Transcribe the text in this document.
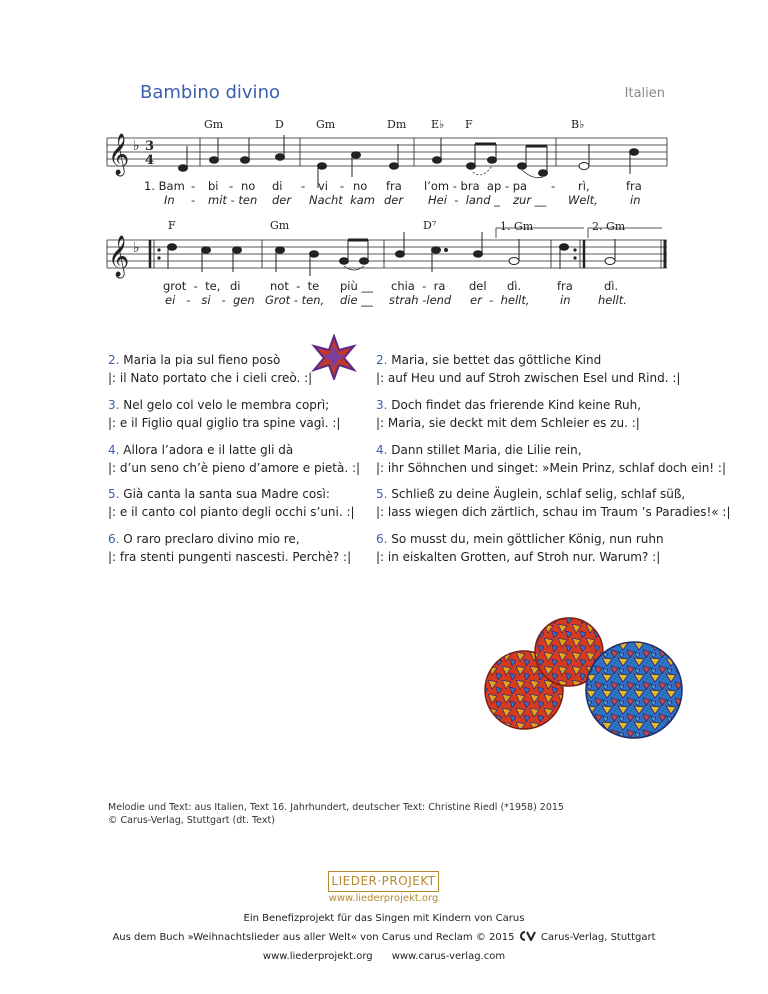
Bambino divino	Italien
𝄞 ♭ 3
4
𝄞 ♭
Gm	D	Gm	Dm E♭ F	B♭
1. Bam - bi - no di - vi - no fra l’om - bra  ap - pa - rì,	fra
In - mit - ten der Nacht  kam der Hei  -  land _ zur __ Welt,	in
F	Gm	D⁷	1. Gm	2. Gm
grot  -  te, di	not  -  te più __ chia  -  ra del dì.	fra	dì.
ei   -   si   -  gen Grot - ten, die __ strah -lend er  -  hellt,	in hellt.
2. Maria la pia sul fieno posò
|: il Nato portato che i cieli creò. :|
3. Nel gelo col velo le membra coprì;
|: e il Figlio qual giglio tra spine vagì. :|
4. Allora l’adora e il latte gli dà
|: d’un seno ch’è pieno d’amore e pietà. :|
5. Già canta la santa sua Madre così:
|: e il canto col pianto degli occhi s’uni. :|
6. O raro preclaro divino mio re,
|: fra stenti pungenti nascesti. Perchè? :|
2. Maria, sie bettet das göttliche Kind
|: auf Heu und auf Stroh zwischen Esel und Rind. :|
3. Doch findet das frierende Kind keine Ruh,
|: Maria, sie deckt mit dem Schleier es zu. :|
4. Dann stillet Maria, die Lilie rein,
|: ihr Söhnchen und singet: »Mein Prinz, schlaf doch ein! :|
5. Schließ zu deine Äuglein, schlaf selig, schlaf süß,
|: lass wiegen dich zärtlich, schau im Traum ’s Paradies!« :|
6. So musst du, mein göttlicher König, nun ruhn
|: in eiskalten Grotten, auf Stroh nur. Warum? :|
Melodie und Text: aus Italien, Text 16. Jahrhundert, deutscher Text: Christine Riedl (*1958) 2015
© Carus-Verlag, Stuttgart (dt. Text)
LIEDER·PROJEKT
www.liederprojekt.org
Ein Benefizprojekt für das Singen mit Kindern von Carus
Aus dem Buch »Weihnachtslieder aus aller Welt« von Carus und Reclam © 2015	Carus-Verlag, Stuttgart
www.liederprojekt.org www.carus-verlag.com
